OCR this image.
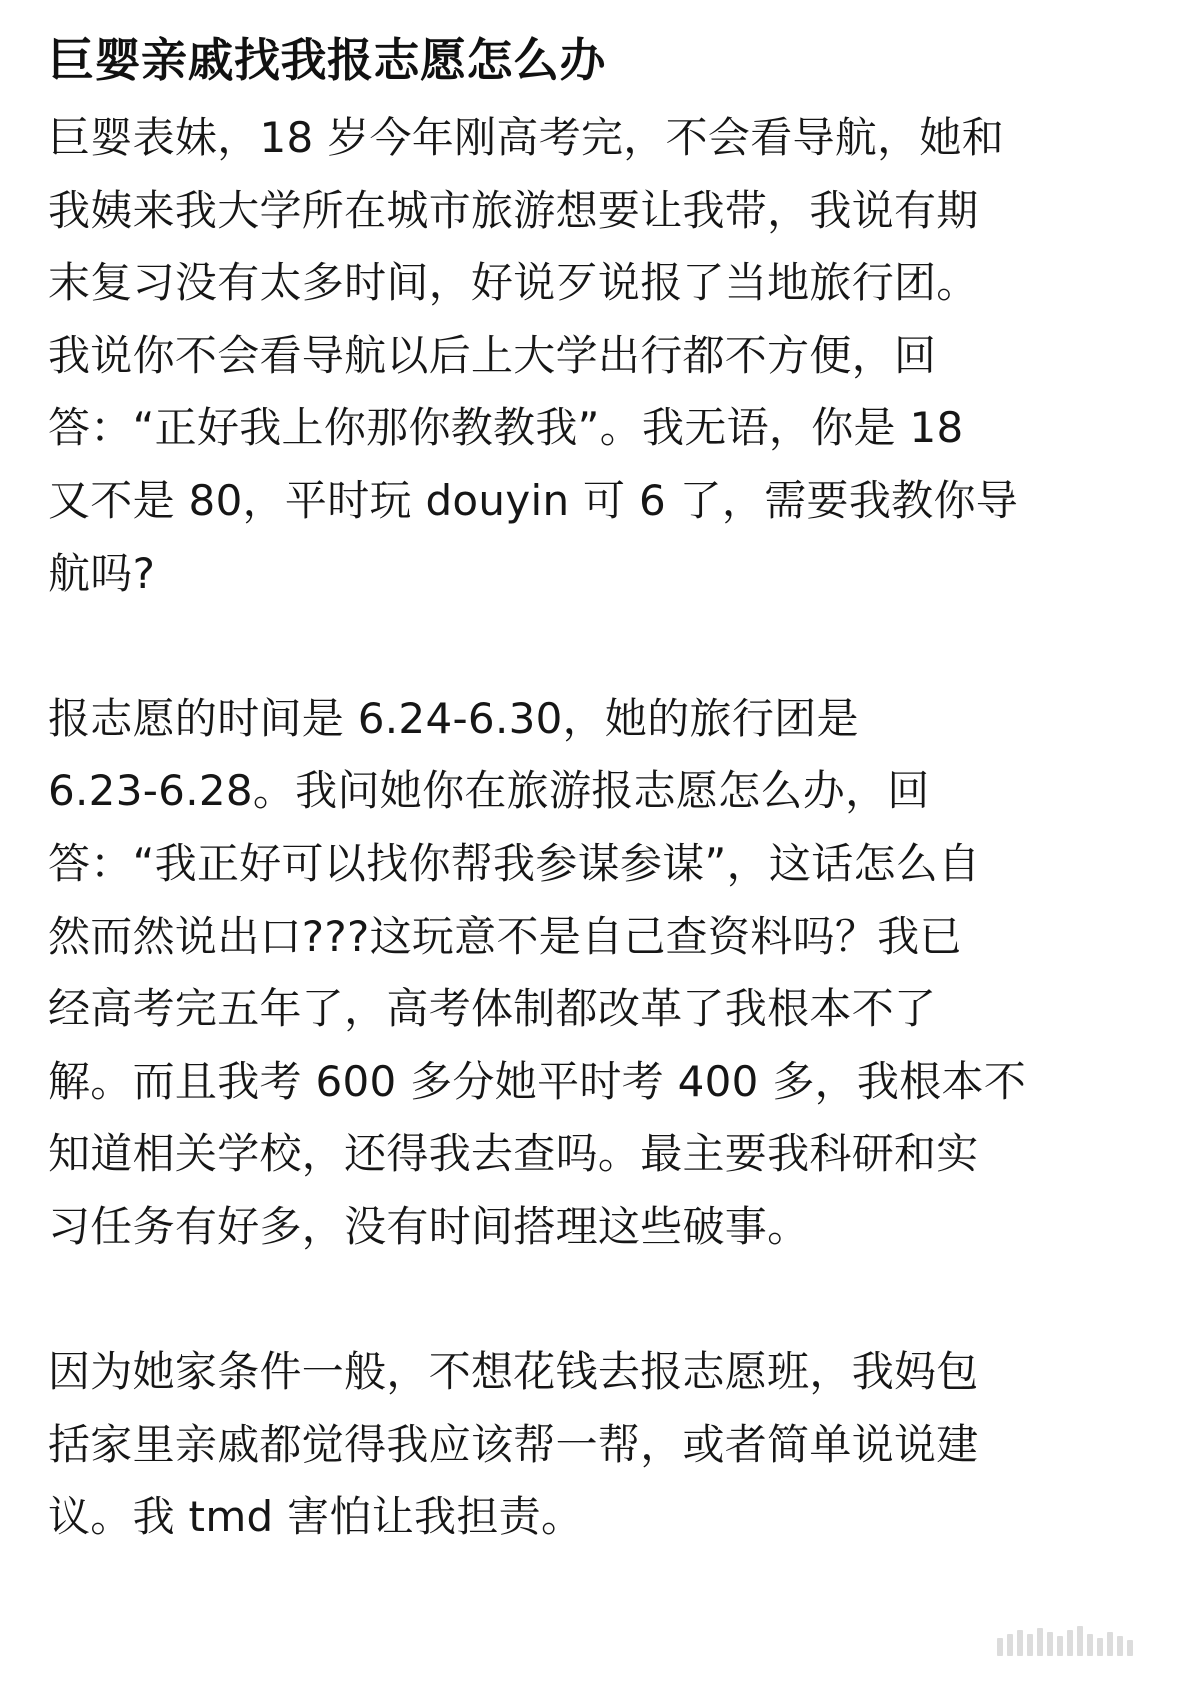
巨婴亲戚找我报志愿怎么办

巨婴表妹，18 岁今年刚高考完，不会看导航，她和
我姨来我大学所在城市旅游想要让我带，我说有期
末复习没有太多时间，好说歹说报了当地旅行团。
我说你不会看导航以后上大学出行都不方便，回
答：“正好我上你那你教教我”。我无语，你是 18
又不是 80，平时玩 douyin 可 6 了，需要我教你导
航吗?

报志愿的时间是 6.24-6.30，她的旅行团是
6.23-6.28。我问她你在旅游报志愿怎么办，回
答：“我正好可以找你帮我参谋参谋”，这话怎么自
然而然说出口???这玩意不是自己查资料吗？我已
经高考完五年了，高考体制都改革了我根本不了
解。而且我考 600 多分她平时考 400 多，我根本不
知道相关学校，还得我去查吗。最主要我科研和实
习任务有好多，没有时间搭理这些破事。

因为她家条件一般，不想花钱去报志愿班，我妈包
括家里亲戚都觉得我应该帮一帮，或者简单说说建
议。我 tmd 害怕让我担责。
